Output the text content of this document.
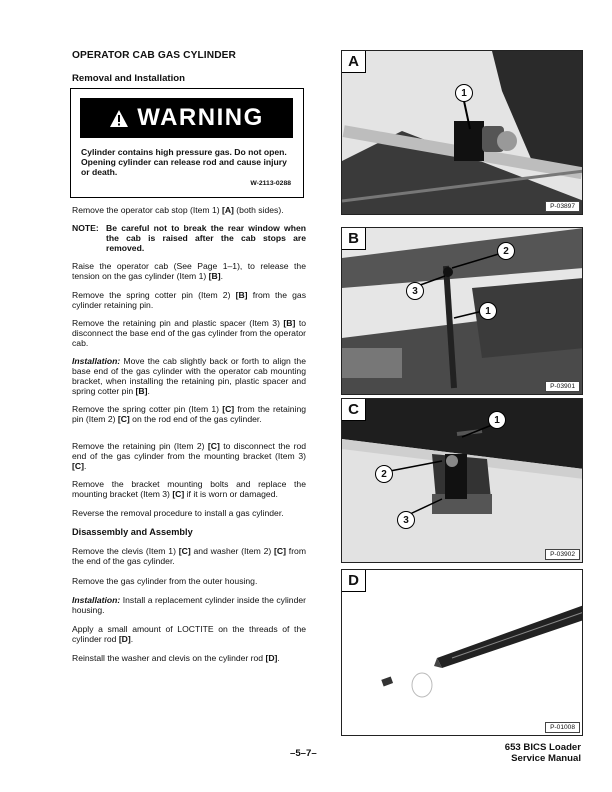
OPERATOR CAB GAS CYLINDER
Removal and Installation
WARNING
Cylinder contains high pressure gas. Do not open. Opening cylinder can release rod and cause injury or death.
W-2113-0288
Remove the operator cab stop (Item 1) [A] (both sides).
NOTE: Be careful not to break the rear window when the cab is raised after the cab stops are removed.
Raise the operator cab (See Page 1–1), to release the tension on the gas cylinder (Item 1) [B].
Remove the spring cotter pin (Item 2) [B] from the gas cylinder retaining pin.
Remove the retaining pin and plastic spacer (Item 3) [B] to disconnect the base end of the gas cylinder from the operator cab.
Installation: Move the cab slightly back or forth to align the base end of the gas cylinder with the operator cab mounting bracket, when installing the retaining pin, plastic spacer and spring cotter pin [B].
Remove the spring cotter pin (Item 1) [C] from the retaining pin (Item 2) [C] on the rod end of the gas cylinder.
Remove the retaining pin (Item 2) [C] to disconnect the rod end of the gas cylinder from the mounting bracket (Item 3) [C].
Remove the bracket mounting bolts and replace the mounting bracket (Item 3) [C] if it is worn or damaged.
Reverse the removal procedure to install a gas cylinder.
Disassembly and Assembly
Remove the clevis (Item 1) [C] and washer (Item 2) [C] from the end of the gas cylinder.
Remove the gas cylinder from the outer housing.
Installation: Install a replacement cylinder inside the cylinder housing.
Apply a small amount of LOCTITE on the threads of the cylinder rod [D].
Reinstall the washer and clevis on the cylinder rod [D].
A
1
P-03897
B
2
3
1
P-03901
C
1
2
3
P-03902
D
P-01008
–5–7–
653 BICS Loader
Service Manual
